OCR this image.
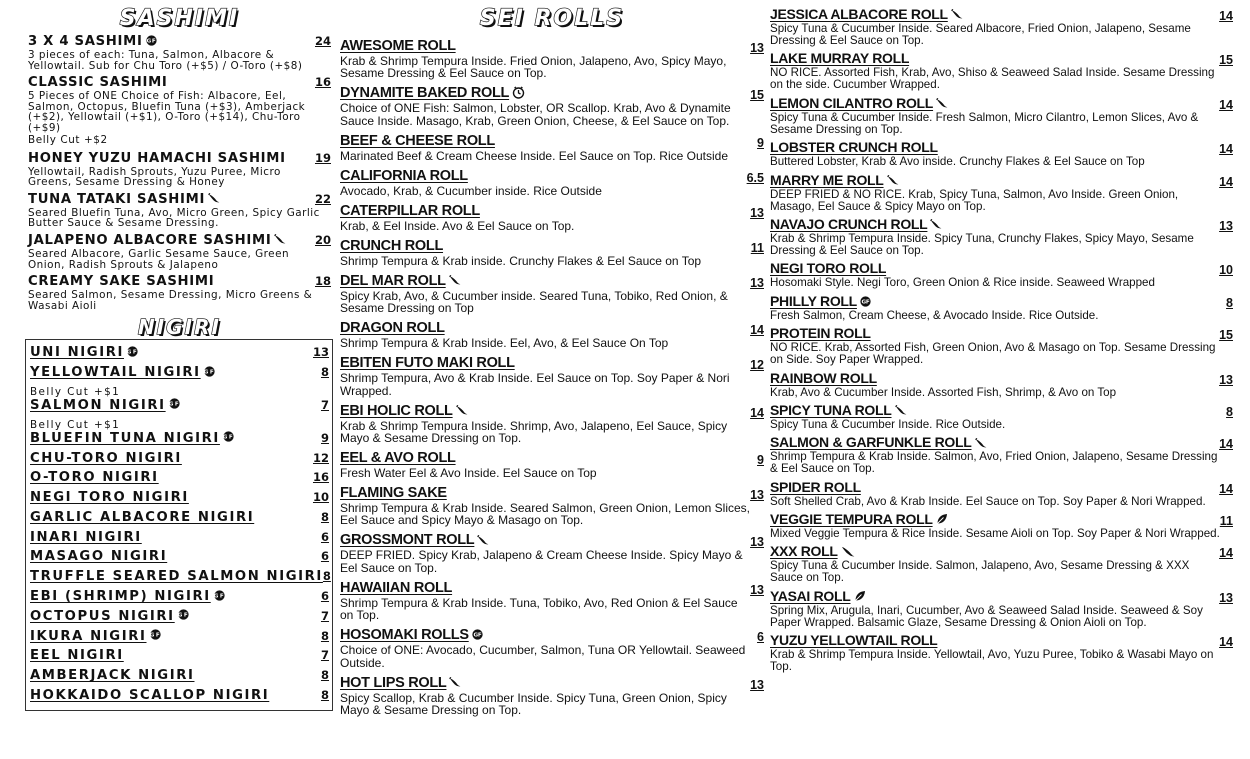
SASHIMI
3 X 4 SASHIMI GF	24
3 pieces of each: Tuna, Salmon, Albacore & Yellowtail. Sub for Chu Toro (+$5) / O-Toro (+$8)
CLASSIC SASHIMI	16
5 Pieces of ONE Choice of Fish: Albacore, Eel, Salmon, Octopus, Bluefin Tuna (+$3), Amberjack (+$2), Yellowtail (+$1), O-Toro (+$14), Chu-Toro (+$9)
Belly Cut +$2
HONEY YUZU HAMACHI SASHIMI	19
Yellowtail, Radish Sprouts, Yuzu Puree, Micro Greens, Sesame Dressing & Honey
TUNA TATAKI SASHIMI	22
Seared Bluefin Tuna, Avo, Micro Green, Spicy Garlic Butter Sauce & Sesame Dressing.
JALAPENO ALBACORE SASHIMI	20
Seared Albacore, Garlic Sesame Sauce, Green Onion, Radish Sprouts & Jalapeno
CREAMY SAKE SASHIMI	18
Seared Salmon, Sesame Dressing, Micro Greens & Wasabi Aioli
NIGIRI
UNI NIGIRI GF	13
YELLOWTAIL NIGIRI GF	8
Belly Cut +$1
SALMON NIGIRI GF	7
Belly Cut +$1
BLUEFIN TUNA NIGIRI GF	9
CHU-TORO NIGIRI	12
O-TORO NIGIRI	16
NEGI TORO NIGIRI	10
GARLIC ALBACORE NIGIRI	8
INARI NIGIRI	6
MASAGO NIGIRI	6
TRUFFLE SEARED SALMON NIGIRI 8
EBI (SHRIMP) NIGIRI GF	6
OCTOPUS NIGIRI GF	7
IKURA NIGIRI GF	8
EEL NIGIRI	7
AMBERJACK NIGIRI	8
HOKKAIDO SCALLOP NIGIRI	8
SEI ROLLS
AWESOME ROLL	13
Krab & Shrimp Tempura Inside. Fried Onion, Jalapeno, Avo, Spicy Mayo, Sesame Dressing & Eel Sauce on Top.
DYNAMITE BAKED ROLL	15
Choice of ONE Fish: Salmon, Lobster, OR Scallop. Krab, Avo & Dynamite Sauce Inside. Masago, Krab, Green Onion, Cheese, & Eel Sauce on Top.
BEEF & CHEESE ROLL	9
Marinated Beef & Cream Cheese Inside. Eel Sauce on Top. Rice Outside
CALIFORNIA ROLL	6.5
Avocado, Krab, & Cucumber inside. Rice Outside
CATERPILLAR ROLL	13
Krab, & Eel Inside. Avo & Eel Sauce on Top.
CRUNCH ROLL	11
Shrimp Tempura & Krab inside. Crunchy Flakes & Eel Sauce on Top
DEL MAR ROLL	13
Spicy Krab, Avo, & Cucumber inside. Seared Tuna, Tobiko, Red Onion, & Sesame Dressing on Top
DRAGON ROLL	14
Shrimp Tempura & Krab Inside. Eel, Avo, & Eel Sauce On Top
EBITEN FUTO MAKI ROLL	12
Shrimp Tempura, Avo & Krab Inside. Eel Sauce on Top. Soy Paper & Nori Wrapped.
EBI HOLIC ROLL	14
Krab & Shrimp Tempura Inside. Shrimp, Avo, Jalapeno, Eel Sauce, Spicy Mayo & Sesame Dressing on Top.
EEL & AVO ROLL	9
Fresh Water Eel & Avo Inside. Eel Sauce on Top
FLAMING SAKE	13
Shrimp Tempura & Krab Inside. Seared Salmon, Green Onion, Lemon Slices, Eel Sauce and Spicy Mayo & Masago on Top.
GROSSMONT ROLL	13
DEEP FRIED. Spicy Krab, Jalapeno & Cream Cheese Inside. Spicy Mayo & Eel Sauce on Top.
HAWAIIAN ROLL	13
Shrimp Tempura & Krab Inside. Tuna, Tobiko, Avo, Red Onion & Eel Sauce on Top.
HOSOMAKI ROLLS GF	6
Choice of ONE: Avocado, Cucumber, Salmon, Tuna OR Yellowtail. Seaweed Outside.
HOT LIPS ROLL	13
Spicy Scallop, Krab & Cucumber Inside. Spicy Tuna, Green Onion, Spicy Mayo & Sesame Dressing on Top.
JESSICA ALBACORE ROLL	14
Spicy Tuna & Cucumber Inside. Seared Albacore, Fried Onion, Jalapeno, Sesame Dressing & Eel Sauce on Top.
LAKE MURRAY ROLL	15
NO RICE. Assorted Fish, Krab, Avo, Shiso & Seaweed Salad Inside. Sesame Dressing on the side. Cucumber Wrapped.
LEMON CILANTRO ROLL	14
Spicy Tuna & Cucumber Inside. Fresh Salmon, Micro Cilantro, Lemon Slices, Avo & Sesame Dressing on Top.
LOBSTER CRUNCH ROLL	14
Buttered Lobster, Krab & Avo inside. Crunchy Flakes & Eel Sauce on Top
MARRY ME ROLL	14
DEEP FRIED & NO RICE. Krab, Spicy Tuna, Salmon, Avo Inside. Green Onion, Masago, Eel Sauce & Spicy Mayo on Top.
NAVAJO CRUNCH ROLL	13
Krab & Shrimp Tempura Inside. Spicy Tuna, Crunchy Flakes, Spicy Mayo, Sesame Dressing & Eel Sauce on Top.
NEGI TORO ROLL	10
Hosomaki Style. Negi Toro, Green Onion & Rice inside. Seaweed Wrapped
PHILLY ROLL GF	8
Fresh Salmon, Cream Cheese, & Avocado Inside. Rice Outside.
PROTEIN ROLL	15
NO RICE. Krab, Assorted Fish, Green Onion, Avo & Masago on Top. Sesame Dressing on Side. Soy Paper Wrapped.
RAINBOW ROLL	13
Krab, Avo & Cucumber Inside. Assorted Fish, Shrimp, & Avo on Top
SPICY TUNA ROLL	8
Spicy Tuna & Cucumber Inside. Rice Outside.
SALMON & GARFUNKLE ROLL	14
Shrimp Tempura & Krab Inside. Salmon, Avo, Fried Onion, Jalapeno, Sesame Dressing & Eel Sauce on Top.
SPIDER ROLL	14
Soft Shelled Crab, Avo & Krab Inside. Eel Sauce on Top. Soy Paper & Nori Wrapped.
VEGGIE TEMPURA ROLL	11
Mixed Veggie Tempura & Rice Inside. Sesame Aioli on Top. Soy Paper & Nori Wrapped.
XXX ROLL	14
Spicy Tuna & Cucumber Inside. Salmon, Jalapeno, Avo, Sesame Dressing & XXX Sauce on Top.
YASAI ROLL	13
Spring Mix, Arugula, Inari, Cucumber, Avo & Seaweed Salad Inside. Seaweed & Soy Paper Wrapped. Balsamic Glaze, Sesame Dressing & Onion Aioli on Top.
YUZU YELLOWTAIL ROLL	14
Krab & Shrimp Tempura Inside. Yellowtail, Avo, Yuzu Puree, Tobiko & Wasabi Mayo on Top.
